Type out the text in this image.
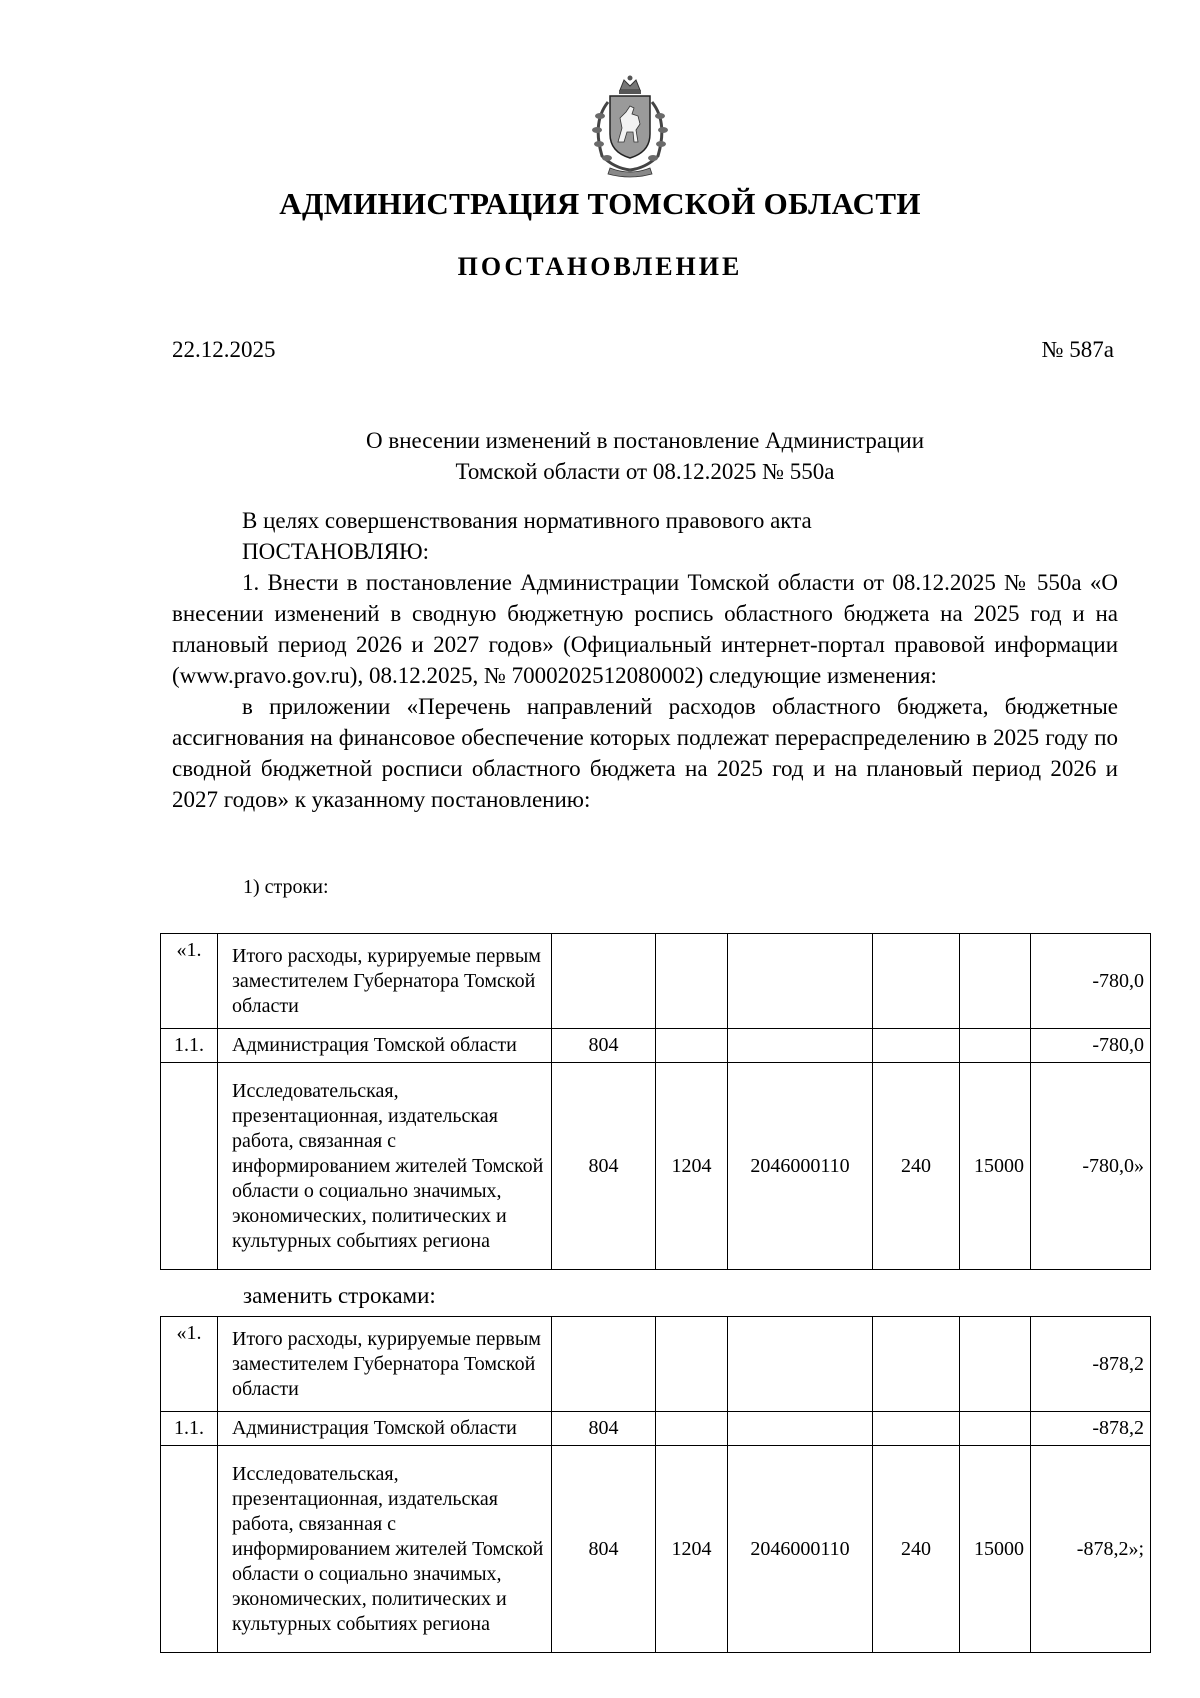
АДМИНИСТРАЦИЯ ТОМСКОЙ ОБЛАСТИ
ПОСТАНОВЛЕНИЕ
22.12.2025	№ 587а
О внесении изменений в постановление Администрации
Томской области от 08.12.2025 № 550а

В целях совершенствования нормативного правового акта

ПОСТАНОВЛЯЮ:

1. Внести в постановление Администрации Томской области от 08.12.2025 № 550а «О внесении изменений в сводную бюджетную роспись областного бюджета на 2025 год и на плановый период 2026 и 2027 годов» (Официальный интернет-портал правовой информации (www.pravo.gov.ru), 08.12.2025, № 7000202512080002) следующие изменения:

в приложении «Перечень направлений расходов областного бюджета, бюджетные ассигнования на финансовое обеспечение которых подлежат перераспределению в 2025 году по сводной бюджетной росписи областного бюджета на 2025 год и на плановый период 2026 и 2027 годов» к указанному постановлению:

1) строки:
«1.	Итого расходы, курируемые первым заместителем Губернатора Томской области						-780,0
1.1.	Администрация Томской области	804					-780,0
	Исследовательская, презентационная, издательская работа, связанная с информированием жителей Томской области о социально значимых, экономических, политических и культурных событиях региона	804	1204	2046000110	240	15000	-780,0»
заменить строками:
«1.	Итого расходы, курируемые первым заместителем Губернатора Томской области						-878,2
1.1.	Администрация Томской области	804					-878,2
	Исследовательская, презентационная, издательская работа, связанная с информированием жителей Томской области о социально значимых, экономических, политических и культурных событиях региона	804	1204	2046000110	240	15000	-878,2»;
